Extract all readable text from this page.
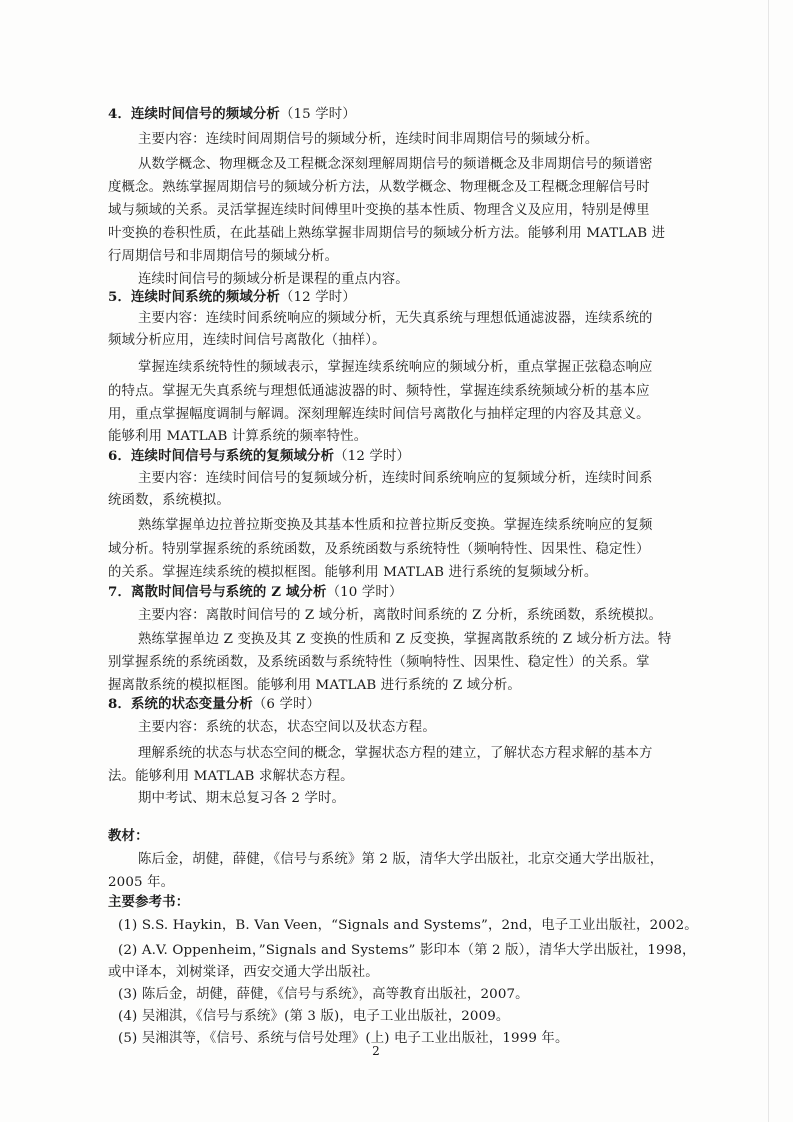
4．连续时间信号的频域分析（15 学时）
主要内容：连续时间周期信号的频域分析，连续时间非周期信号的频域分析。
从数学概念、物理概念及工程概念深刻理解周期信号的频谱概念及非周期信号的频谱密
度概念。熟练掌握周期信号的频域分析方法，从数学概念、物理概念及工程概念理解信号时
域与频域的关系。灵活掌握连续时间傅里叶变换的基本性质、物理含义及应用，特别是傅里
叶变换的卷积性质，在此基础上熟练掌握非周期信号的频域分析方法。能够利用 MATLAB 进
行周期信号和非周期信号的频域分析。
连续时间信号的频域分析是课程的重点内容。
5．连续时间系统的频域分析（12 学时）
主要内容：连续时间系统响应的频域分析，无失真系统与理想低通滤波器，连续系统的
频域分析应用，连续时间信号离散化（抽样）。
掌握连续系统特性的频域表示，掌握连续系统响应的频域分析，重点掌握正弦稳态响应
的特点。掌握无失真系统与理想低通滤波器的时、频特性，掌握连续系统频域分析的基本应
用，重点掌握幅度调制与解调。深刻理解连续时间信号离散化与抽样定理的内容及其意义。
能够利用 MATLAB 计算系统的频率特性。
6．连续时间信号与系统的复频域分析（12 学时）
主要内容：连续时间信号的复频域分析，连续时间系统响应的复频域分析，连续时间系
统函数，系统模拟。
熟练掌握单边拉普拉斯变换及其基本性质和拉普拉斯反变换。掌握连续系统响应的复频
域分析。特别掌握系统的系统函数，及系统函数与系统特性（频响特性、因果性、稳定性）
的关系。掌握连续系统的模拟框图。能够利用 MATLAB 进行系统的复频域分析。
7．离散时间信号与系统的 Z 域分析（10 学时）
主要内容：离散时间信号的 Z 域分析，离散时间系统的 Z 分析，系统函数，系统模拟。
熟练掌握单边 Z 变换及其 Z 变换的性质和 Z 反变换，掌握离散系统的 Z 域分析方法。特
别掌握系统的系统函数，及系统函数与系统特性（频响特性、因果性、稳定性）的关系。掌
握离散系统的模拟框图。能够利用 MATLAB 进行系统的 Z 域分析。
8．系统的状态变量分析（6 学时）
主要内容：系统的状态，状态空间以及状态方程。
理解系统的状态与状态空间的概念，掌握状态方程的建立，了解状态方程求解的基本方
法。能够利用 MATLAB 求解状态方程。
期中考试、期末总复习各 2 学时。
教材：
陈后金，胡健，薛健，《信号与系统》第 2 版，清华大学出版社，北京交通大学出版社，
2005 年。
主要参考书：
(1) S.S. Haykin，B. Van Veen，“Signals and Systems”，2nd，电子工业出版社，2002。
(2) A.V. Oppenheim，”Signals and Systems” 影印本（第 2 版），清华大学出版社，1998，
或中译本，刘树棠译，西安交通大学出版社。
(3) 陈后金，胡健，薛健，《信号与系统》，高等教育出版社，2007。
(4) 吴湘淇，《信号与系统》(第 3 版)，电子工业出版社，2009。
(5) 吴湘淇等，《信号、系统与信号处理》(上) 电子工业出版社，1999 年。
2
